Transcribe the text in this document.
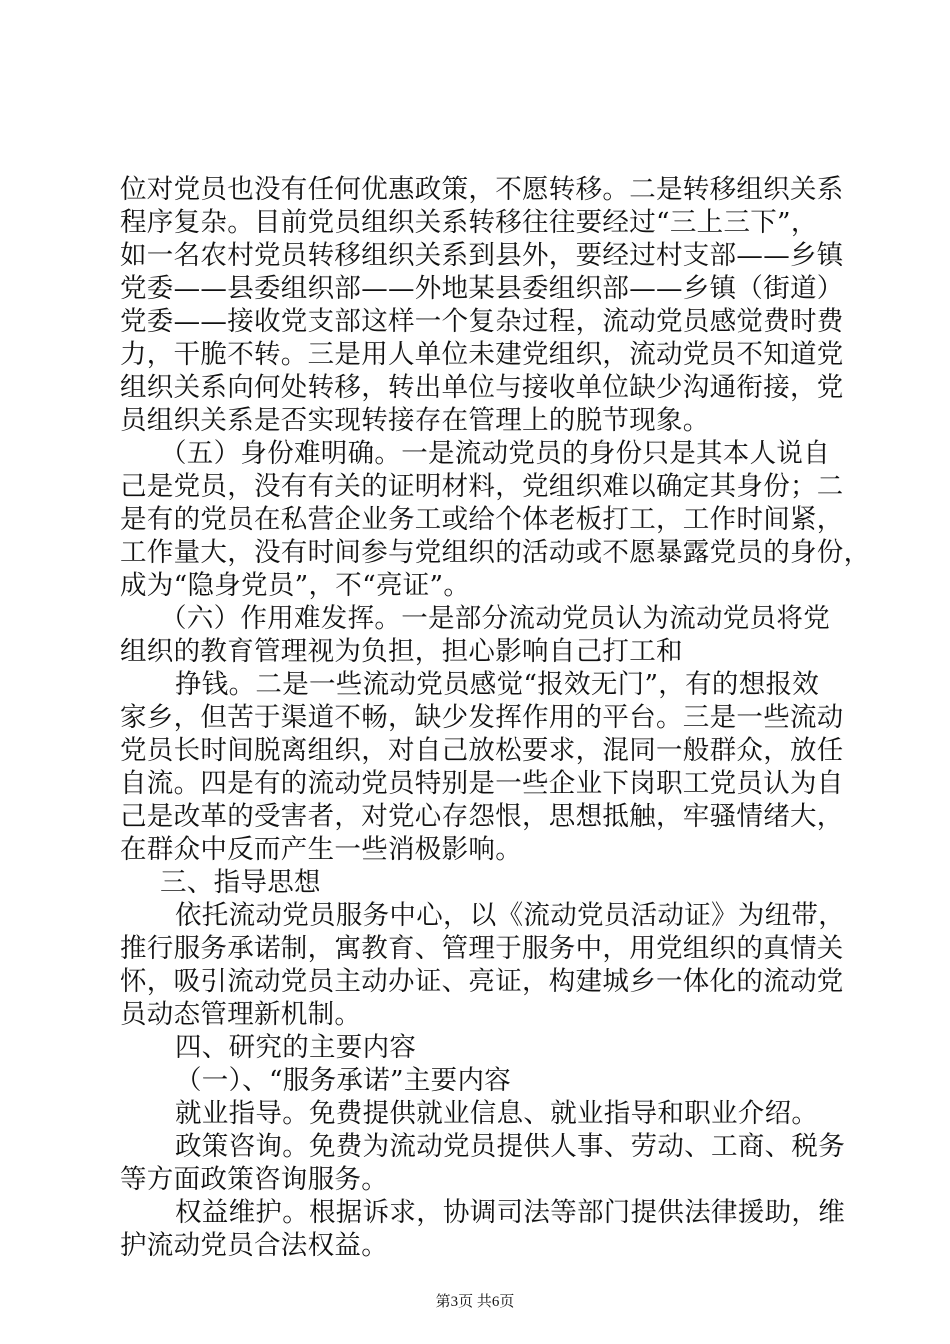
位对党员也没有任何优惠政策，不愿转移。二是转移组织关系
程序复杂。目前党员组织关系转移往往要经过“三上三下”，
如一名农村党员转移组织关系到县外，要经过村支部——乡镇
党委——县委组织部——外地某县委组织部——乡镇（街道）
党委——接收党支部这样一个复杂过程，流动党员感觉费时费
力，干脆不转。三是用人单位未建党组织，流动党员不知道党
组织关系向何处转移，转出单位与接收单位缺少沟通衔接，党
员组织关系是否实现转接存在管理上的脱节现象。
（五）身份难明确。一是流动党员的身份只是其本人说自
己是党员，没有有关的证明材料，党组织难以确定其身份；二
是有的党员在私营企业务工或给个体老板打工，工作时间紧，
工作量大，没有时间参与党组织的活动或不愿暴露党员的身份，
成为“隐身党员”，不“亮证”。
（六）作用难发挥。一是部分流动党员认为流动党员将党
组织的教育管理视为负担，担心影响自己打工和
挣钱。二是一些流动党员感觉“报效无门”，有的想报效
家乡，但苦于渠道不畅，缺少发挥作用的平台。三是一些流动
党员长时间脱离组织，对自己放松要求，混同一般群众，放任
自流。四是有的流动党员特别是一些企业下岗职工党员认为自
己是改革的受害者，对党心存怨恨，思想抵触，牢骚情绪大，
在群众中反而产生一些消极影响。
三、指导思想
依托流动党员服务中心，以《流动党员活动证》为纽带，
推行服务承诺制，寓教育、管理于服务中，用党组织的真情关
怀，吸引流动党员主动办证、亮证，构建城乡一体化的流动党
员动态管理新机制。
四、研究的主要内容
（一）、“服务承诺”主要内容
就业指导。免费提供就业信息、就业指导和职业介绍。
政策咨询。免费为流动党员提供人事、劳动、工商、税务
等方面政策咨询服务。
权益维护。根据诉求，协调司法等部门提供法律援助，维
护流动党员合法权益。
第3页 共6页
